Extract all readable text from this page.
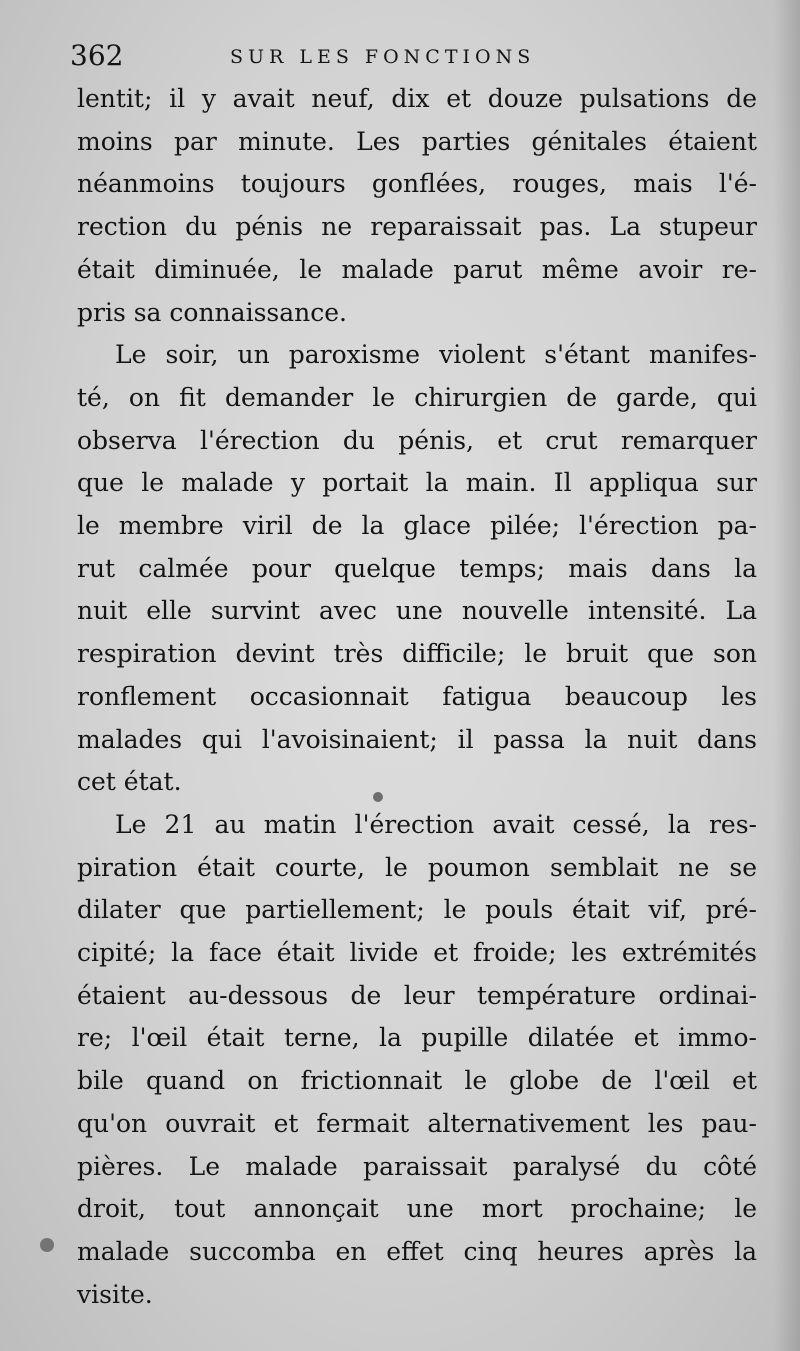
362	SUR LES FONCTIONS

lentit; il y avait neuf, dix et douze pulsations de
moins par minute. Les parties génitales étaient
néanmoins toujours gonflées, rouges, mais l'é-
rection du pénis ne reparaissait pas. La stupeur
était diminuée, le malade parut même avoir re-
pris sa connaissance.

Le soir, un paroxisme violent s'étant manifes-
té, on fit demander le chirurgien de garde, qui
observa l'érection du pénis, et crut remarquer
que le malade y portait la main. Il appliqua sur
le membre viril de la glace pilée; l'érection pa-
rut calmée pour quelque temps; mais dans la
nuit elle survint avec une nouvelle intensité. La
respiration devint très difficile; le bruit que son
ronflement occasionnait fatigua beaucoup les
malades qui l'avoisinaient; il passa la nuit dans
cet état.

Le 21 au matin l'érection avait cessé, la res-
piration était courte, le poumon semblait ne se
dilater que partiellement; le pouls était vif, pré-
cipité; la face était livide et froide; les extrémités
étaient au-dessous de leur température ordinai-
re; l'œil était terne, la pupille dilatée et immo-
bile quand on frictionnait le globe de l'œil et
qu'on ouvrait et fermait alternativement les pau-
pières. Le malade paraissait paralysé du côté
droit, tout annonçait une mort prochaine; le
malade succomba en effet cinq heures après la
visite.
